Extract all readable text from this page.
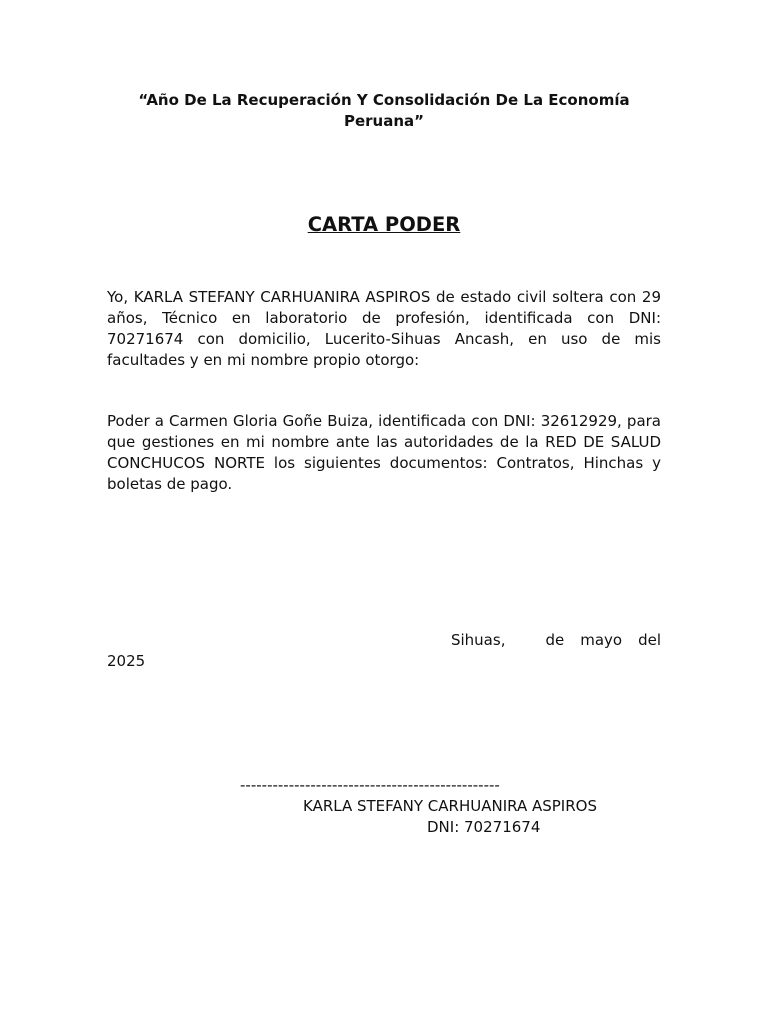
“Año De La Recuperación Y Consolidación De La Economía Peruana”
CARTA PODER

Yo, KARLA STEFANY CARHUANIRA ASPIROS de estado civil soltera con 29 años, Técnico en laboratorio de profesión, identificada con DNI: 70271674 con domicilio, Lucerito-Sihuas Ancash, en uso de mis facultades y en mi nombre propio otorgo:

Poder a Carmen Gloria Goñe Buiza, identificada con DNI: 32612929, para que gestiones en mi nombre ante las autoridades de la RED DE SALUD CONCHUCOS NORTE los siguientes documentos: Contratos, Hinchas y boletas de pago.

Sihuas,	de mayo del
2025
------------------------------------------------
KARLA STEFANY CARHUANIRA ASPIROS
DNI: 70271674
